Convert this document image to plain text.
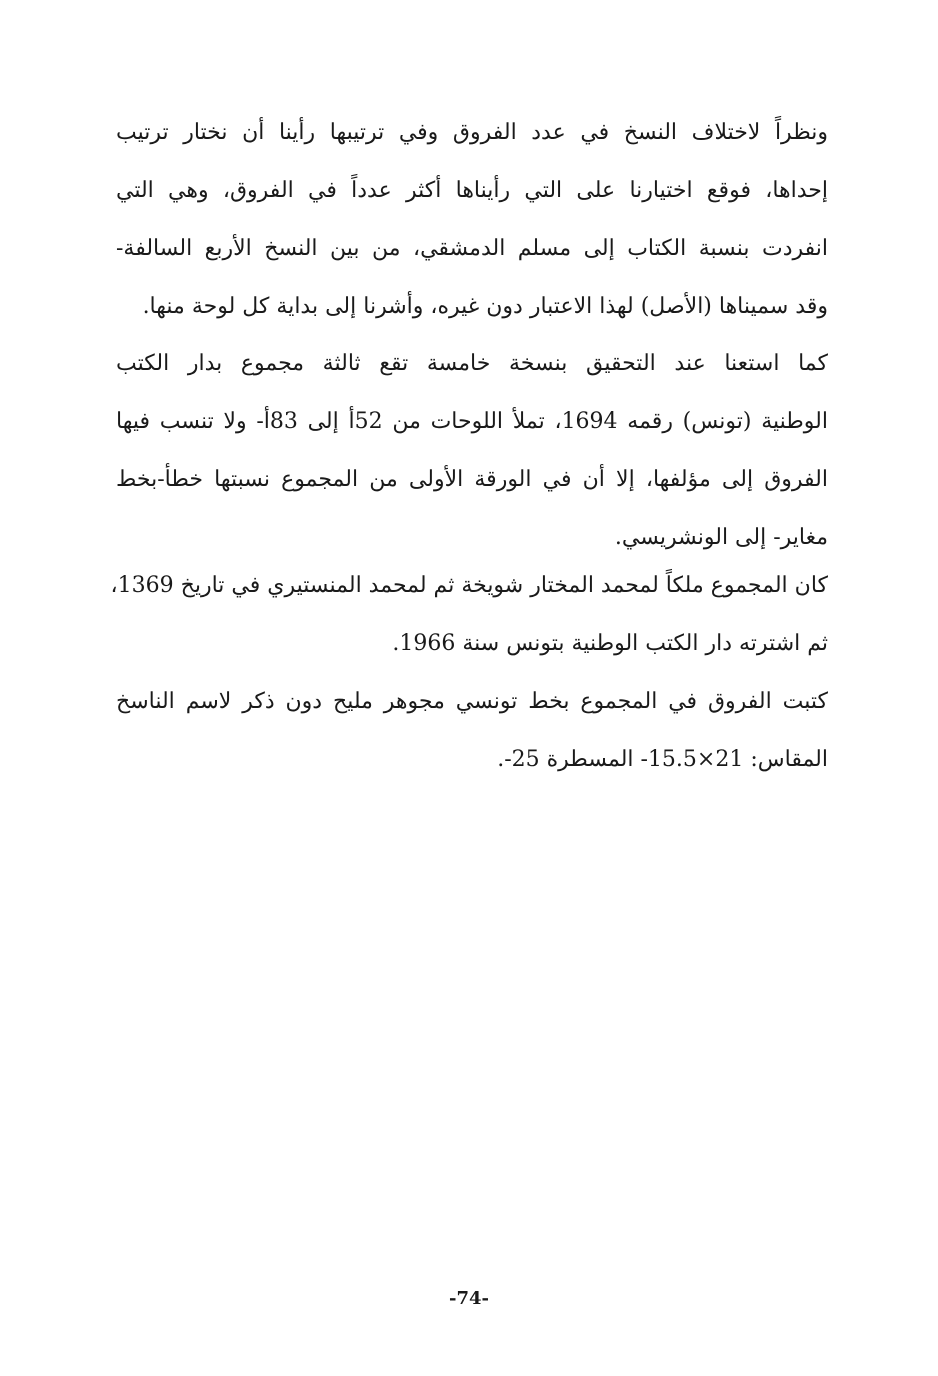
ونظراً لاختلاف النسخ في عدد الفروق وفي ترتيبها رأينا أن نختار ترتيب
إحداها، فوقع اختيارنا على التي رأيناها أكثر عدداً في الفروق، وهي التي
انفردت بنسبة الكتاب إلى مسلم الدمشقي، من بين النسخ الأربع السالفة-
وقد سميناها (الأصل) لهذا الاعتبار دون غيره، وأشرنا إلى بداية كل لوحة منها.
كما استعنا عند التحقيق بنسخة خامسة تقع ثالثة مجموع بدار الكتب
الوطنية (تونس) رقمه 1694، تملأ اللوحات من 52أ إلى 83أ- ولا تنسب فيها
الفروق إلى مؤلفها، إلا أن في الورقة الأولى من المجموع نسبتها خطأ-بخط
مغاير- إلى الونشريسي.
كان المجموع ملكاً لمحمد المختار شويخة ثم لمحمد المنستيري في تاريخ 1369،
ثم اشترته دار الكتب الوطنية بتونس سنة 1966.
كتبت الفروق في المجموع بخط تونسي مجوهر مليح دون ذكر لاسم الناسخ
المقاس: 21×15.5- المسطرة 25-.
-74-
